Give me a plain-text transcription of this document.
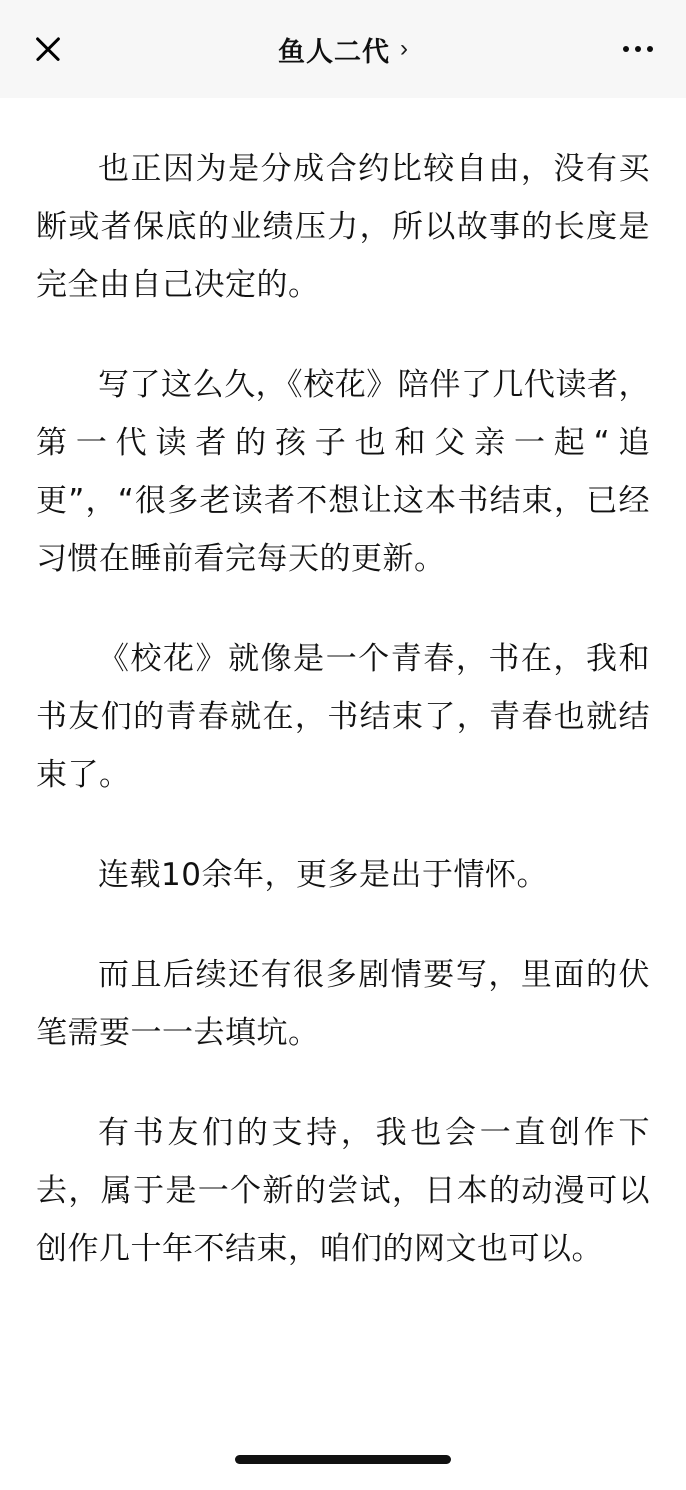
鱼人二代 ›

也正因为是分成合约比较自由，没有买断或者保底的业绩压力，所以故事的长度是完全由自己决定的。

写了这么久，《校花》陪伴了几代读者，第一代读者的孩子也和父亲一起“追更”，“很多老读者不想让这本书结束，已经习惯在睡前看完每天的更新。

《校花》就像是一个青春，书在，我和书友们的青春就在，书结束了，青春也就结束了。

连载10余年，更多是出于情怀。

而且后续还有很多剧情要写，里面的伏笔需要一一去填坑。

有书友们的支持，我也会一直创作下去，属于是一个新的尝试，日本的动漫可以创作几十年不结束，咱们的网文也可以。
